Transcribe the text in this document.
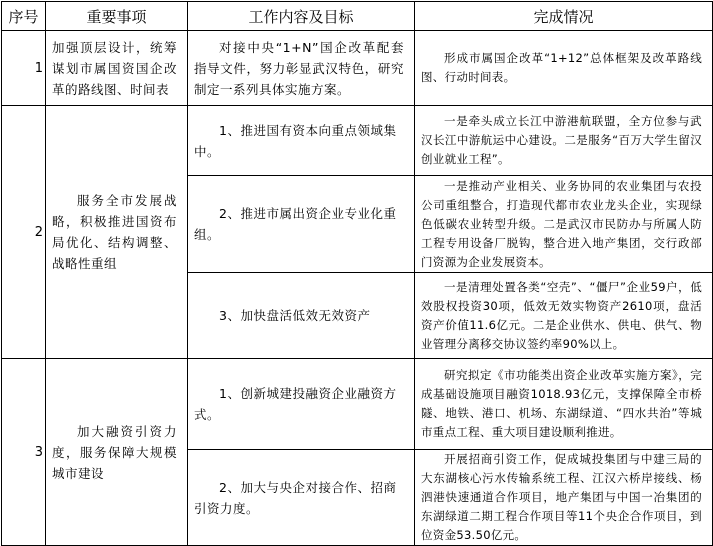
序号	重要事项	工作内容及目标	完成情况
1	加强顶层设计，统筹谋划市属国资国企改革的路线图、时间表	对接中央“1+N”国企改革配套指导文件，努力彰显武汉特色，研究制定一系列具体实施方案。	形成市属国企改革“1+12”总体框架及改革路线图、行动时间表。

2	服务全市发展战略，积极推进国资布局优化、结构调整、战略性重组	1、推进国有资本向重点领域集中。	一是牵头成立长江中游港航联盟，全方位参与武汉长江中游航运中心建设。二是服务“百万大学生留汉创业就业工程”。

		2、推进市属出资企业专业化重组。	一是推动产业相关、业务协同的农业集团与农投公司重组整合，打造现代都市农业龙头企业，实现绿色低碳农业转型升级。二是武汉市民防办与所属人防工程专用设备厂脱钩，整合进入地产集团，交行政部门资源为企业发展资本。

		3、加快盘活低效无效资产	一是清理处置各类“空壳”、“僵尸”企业59户，低效股权投资30项，低效无效实物资产2610项，盘活资产价值11.6亿元。二是企业供水、供电、供气、物业管理分离移交协议签约率90%以上。

3	加大融资引资力度，服务保障大规模城市建设	1、创新城建投融资企业融资方式。	研究拟定《市功能类出资企业改革实施方案》，完成基础设施项目融资1018.93亿元，支撑保障全市桥隧、地铁、港口、机场、东湖绿道、“四水共治”等城市重点工程、重大项目建设顺利推进。

		2、加大与央企对接合作、招商引资力度。	开展招商引资工作，促成城投集团与中建三局的大东湖核心污水传输系统工程、江汉六桥岸接线、杨泗港快速通道合作项目，地产集团与中国一冶集团的东湖绿道二期工程合作项目等11个央企合作项目，到位资金53.50亿元。
